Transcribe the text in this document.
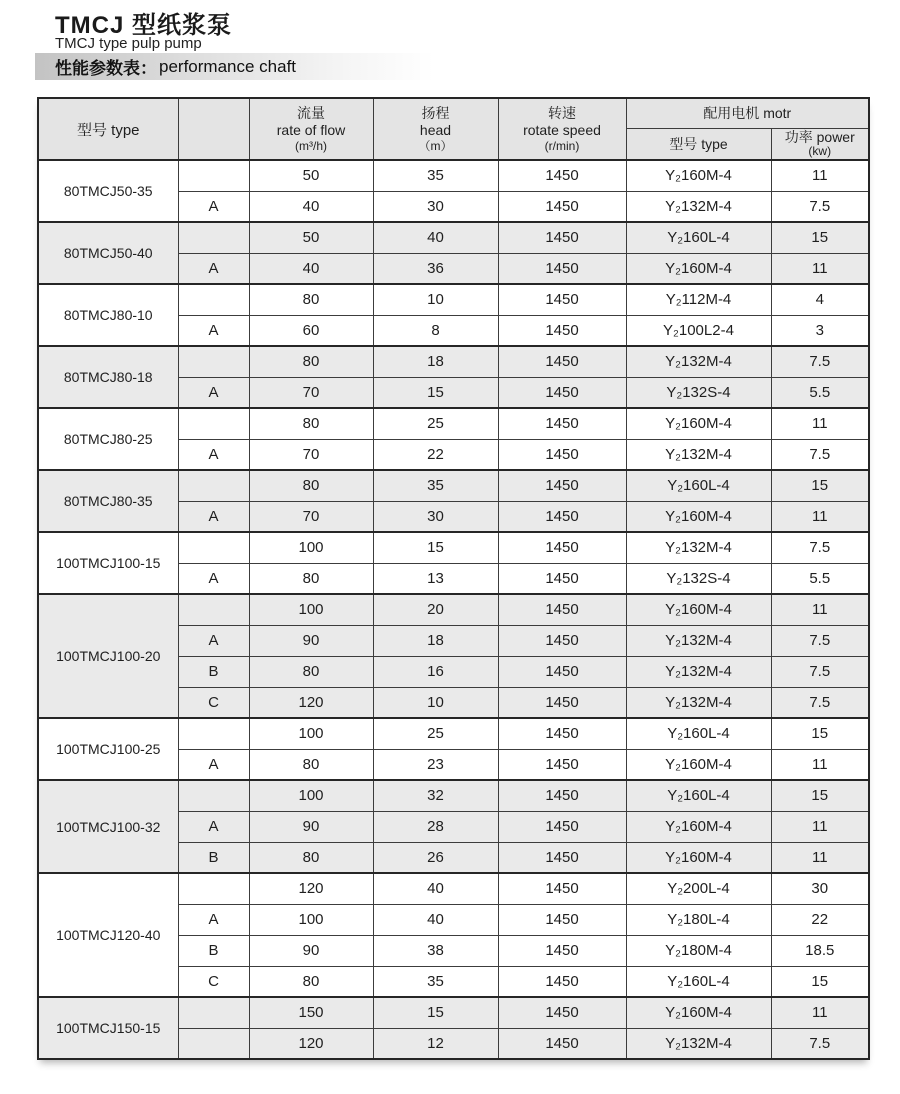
TMCJ 型纸浆泵
TMCJ type pulp pump
性能参数表： performance chaft
型号 type		流量
rate of flow
(m³/h)	扬程
head
（m）	转速
rotate speed
(r/min)	配用电机 motr	
					型号 type	功率 power
(kw)

80TMCJ50-35		50	35	1450	Y₂160M-4	11
	A	40	30	1450	Y₂132M-4	7.5
80TMCJ50-40		50	40	1450	Y₂160L-4	15
	A	40	36	1450	Y₂160M-4	11
80TMCJ80-10		80	10	1450	Y₂112M-4	4
	A	60	8	1450	Y₂100L2-4	3
80TMCJ80-18		80	18	1450	Y₂132M-4	7.5
	A	70	15	1450	Y₂132S-4	5.5
80TMCJ80-25		80	25	1450	Y₂160M-4	11
	A	70	22	1450	Y₂132M-4	7.5
80TMCJ80-35		80	35	1450	Y₂160L-4	15
	A	70	30	1450	Y₂160M-4	11
100TMCJ100-15		100	15	1450	Y₂132M-4	7.5
	A	80	13	1450	Y₂132S-4	5.5
100TMCJ100-20		100	20	1450	Y₂160M-4	11
	A	90	18	1450	Y₂132M-4	7.5
	B	80	16	1450	Y₂132M-4	7.5
	C	120	10	1450	Y₂132M-4	7.5
100TMCJ100-25		100	25	1450	Y₂160L-4	15
	A	80	23	1450	Y₂160M-4	11
100TMCJ100-32		100	32	1450	Y₂160L-4	15
	A	90	28	1450	Y₂160M-4	11
	B	80	26	1450	Y₂160M-4	11
100TMCJ120-40		120	40	1450	Y₂200L-4	30
	A	100	40	1450	Y₂180L-4	22
	B	90	38	1450	Y₂180M-4	18.5
	C	80	35	1450	Y₂160L-4	15
100TMCJ150-15		150	15	1450	Y₂160M-4	11
		120	12	1450	Y₂132M-4	7.5
